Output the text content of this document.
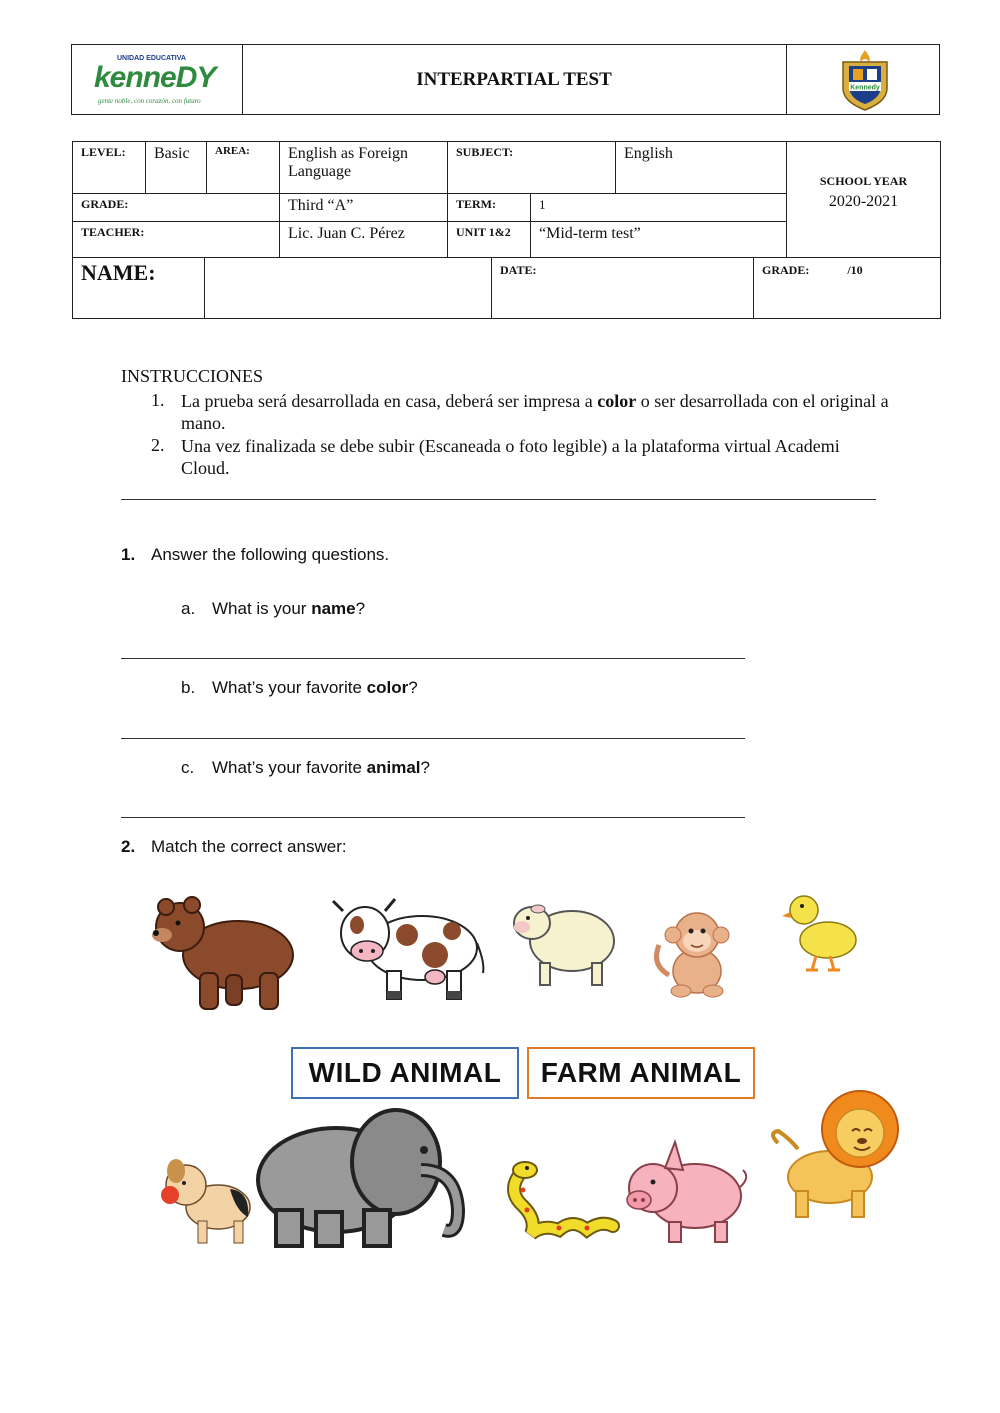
UNIDAD EDUCATIVA
kenneDY
gente noble, con corazón, con futuro
INTERPARTIAL TEST	Kennedy
LEVEL:	Basic	AREA:	English as Foreign Language	SUBJECT:		English	SCHOOL YEAR
2020-2021

GRADE:			Third “A”	TERM:	1		
TEACHER:			Lic. Juan C. Pérez	UNIT 1&2	“Mid-term test”		
NAME:		DATE:	GRADE:	/10
INSTRUCCIONES
1. La prueba será desarrollada en casa, deberá ser impresa a color o ser desarrollada con el original a mano.
2. Una vez finalizada se debe subir (Escaneada o foto legible) a la plataforma virtual Academi Cloud.
1. Answer the following questions.
a. What is your name?
b. What’s your favorite color?
c. What’s your favorite animal?
2. Match the correct answer:
WILD ANIMAL	FARM ANIMAL
